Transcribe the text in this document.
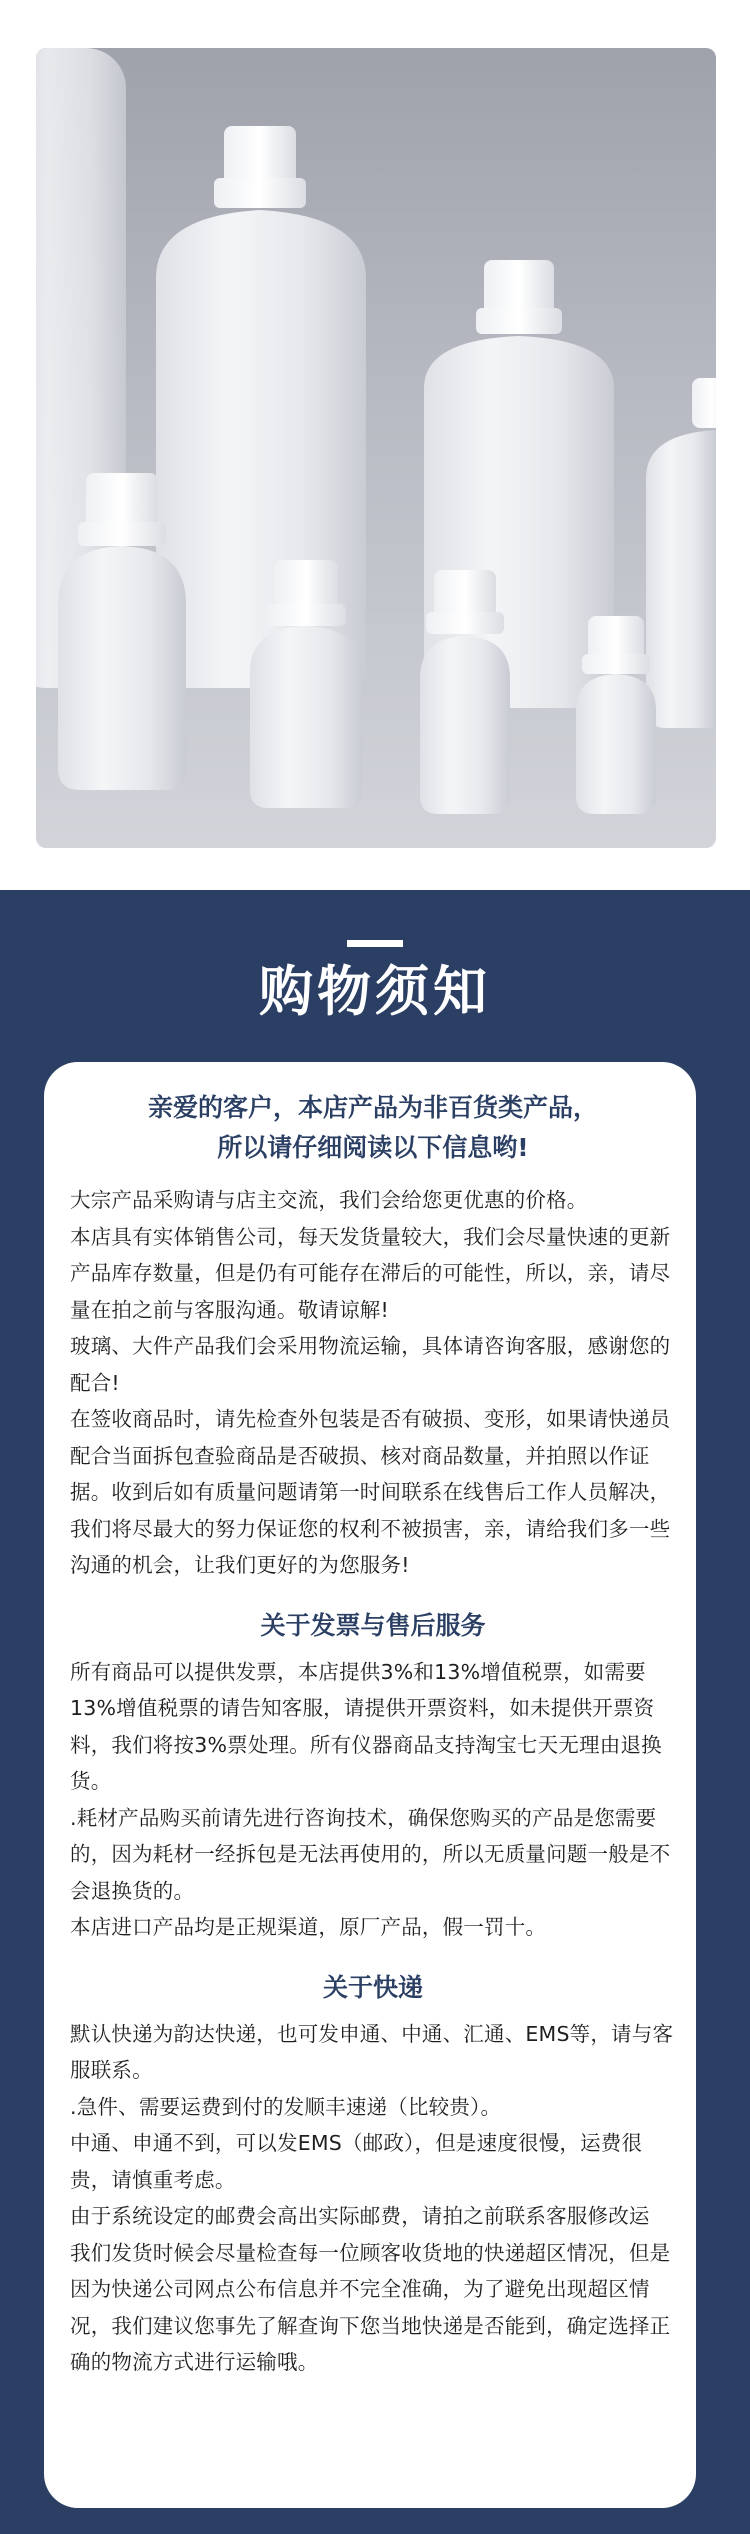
购物须知
亲爱的客户，本店产品为非百货类产品，
所以请仔细阅读以下信息哟!

大宗产品采购请与店主交流，我们会给您更优惠的价格。

本店具有实体销售公司，每天发货量较大，我们会尽量快速的更新产品库存数量，但是仍有可能存在滞后的可能性，所以，亲，请尽量在拍之前与客服沟通。敬请谅解!

玻璃、大件产品我们会采用物流运输，具体请咨询客服，感谢您的配合!

在签收商品时，请先检查外包装是否有破损、变形，如果请快递员配合当面拆包查验商品是否破损、核对商品数量，并拍照以作证据。收到后如有质量问题请第一时间联系在线售后工作人员解决，我们将尽最大的努力保证您的权利不被损害，亲，请给我们多一些沟通的机会，让我们更好的为您服务!

关于发票与售后服务

所有商品可以提供发票，本店提供3%和13%增值税票，如需要13%增值税票的请告知客服，请提供开票资料，如未提供开票资料，我们将按3%票处理。所有仪器商品支持淘宝七天无理由退换货。

.耗材产品购买前请先进行咨询技术，确保您购买的产品是您需要的，因为耗材一经拆包是无法再使用的，所以无质量问题一般是不会退换货的。

本店进口产品均是正规渠道，原厂产品，假一罚十。

关于快递

默认快递为韵达快递，也可发申通、中通、汇通、EMS等，请与客服联系。

.急件、需要运费到付的发顺丰速递（比较贵）。

中通、申通不到，可以发EMS（邮政），但是速度很慢，运费很贵，请慎重考虑。

由于系统设定的邮费会高出实际邮费，请拍之前联系客服修改运

我们发货时候会尽量检查每一位顾客收货地的快递超区情况，但是因为快递公司网点公布信息并不完全准确，为了避免出现超区情况，我们建议您事先了解查询下您当地快递是否能到，确定选择正确的物流方式进行运输哦。
